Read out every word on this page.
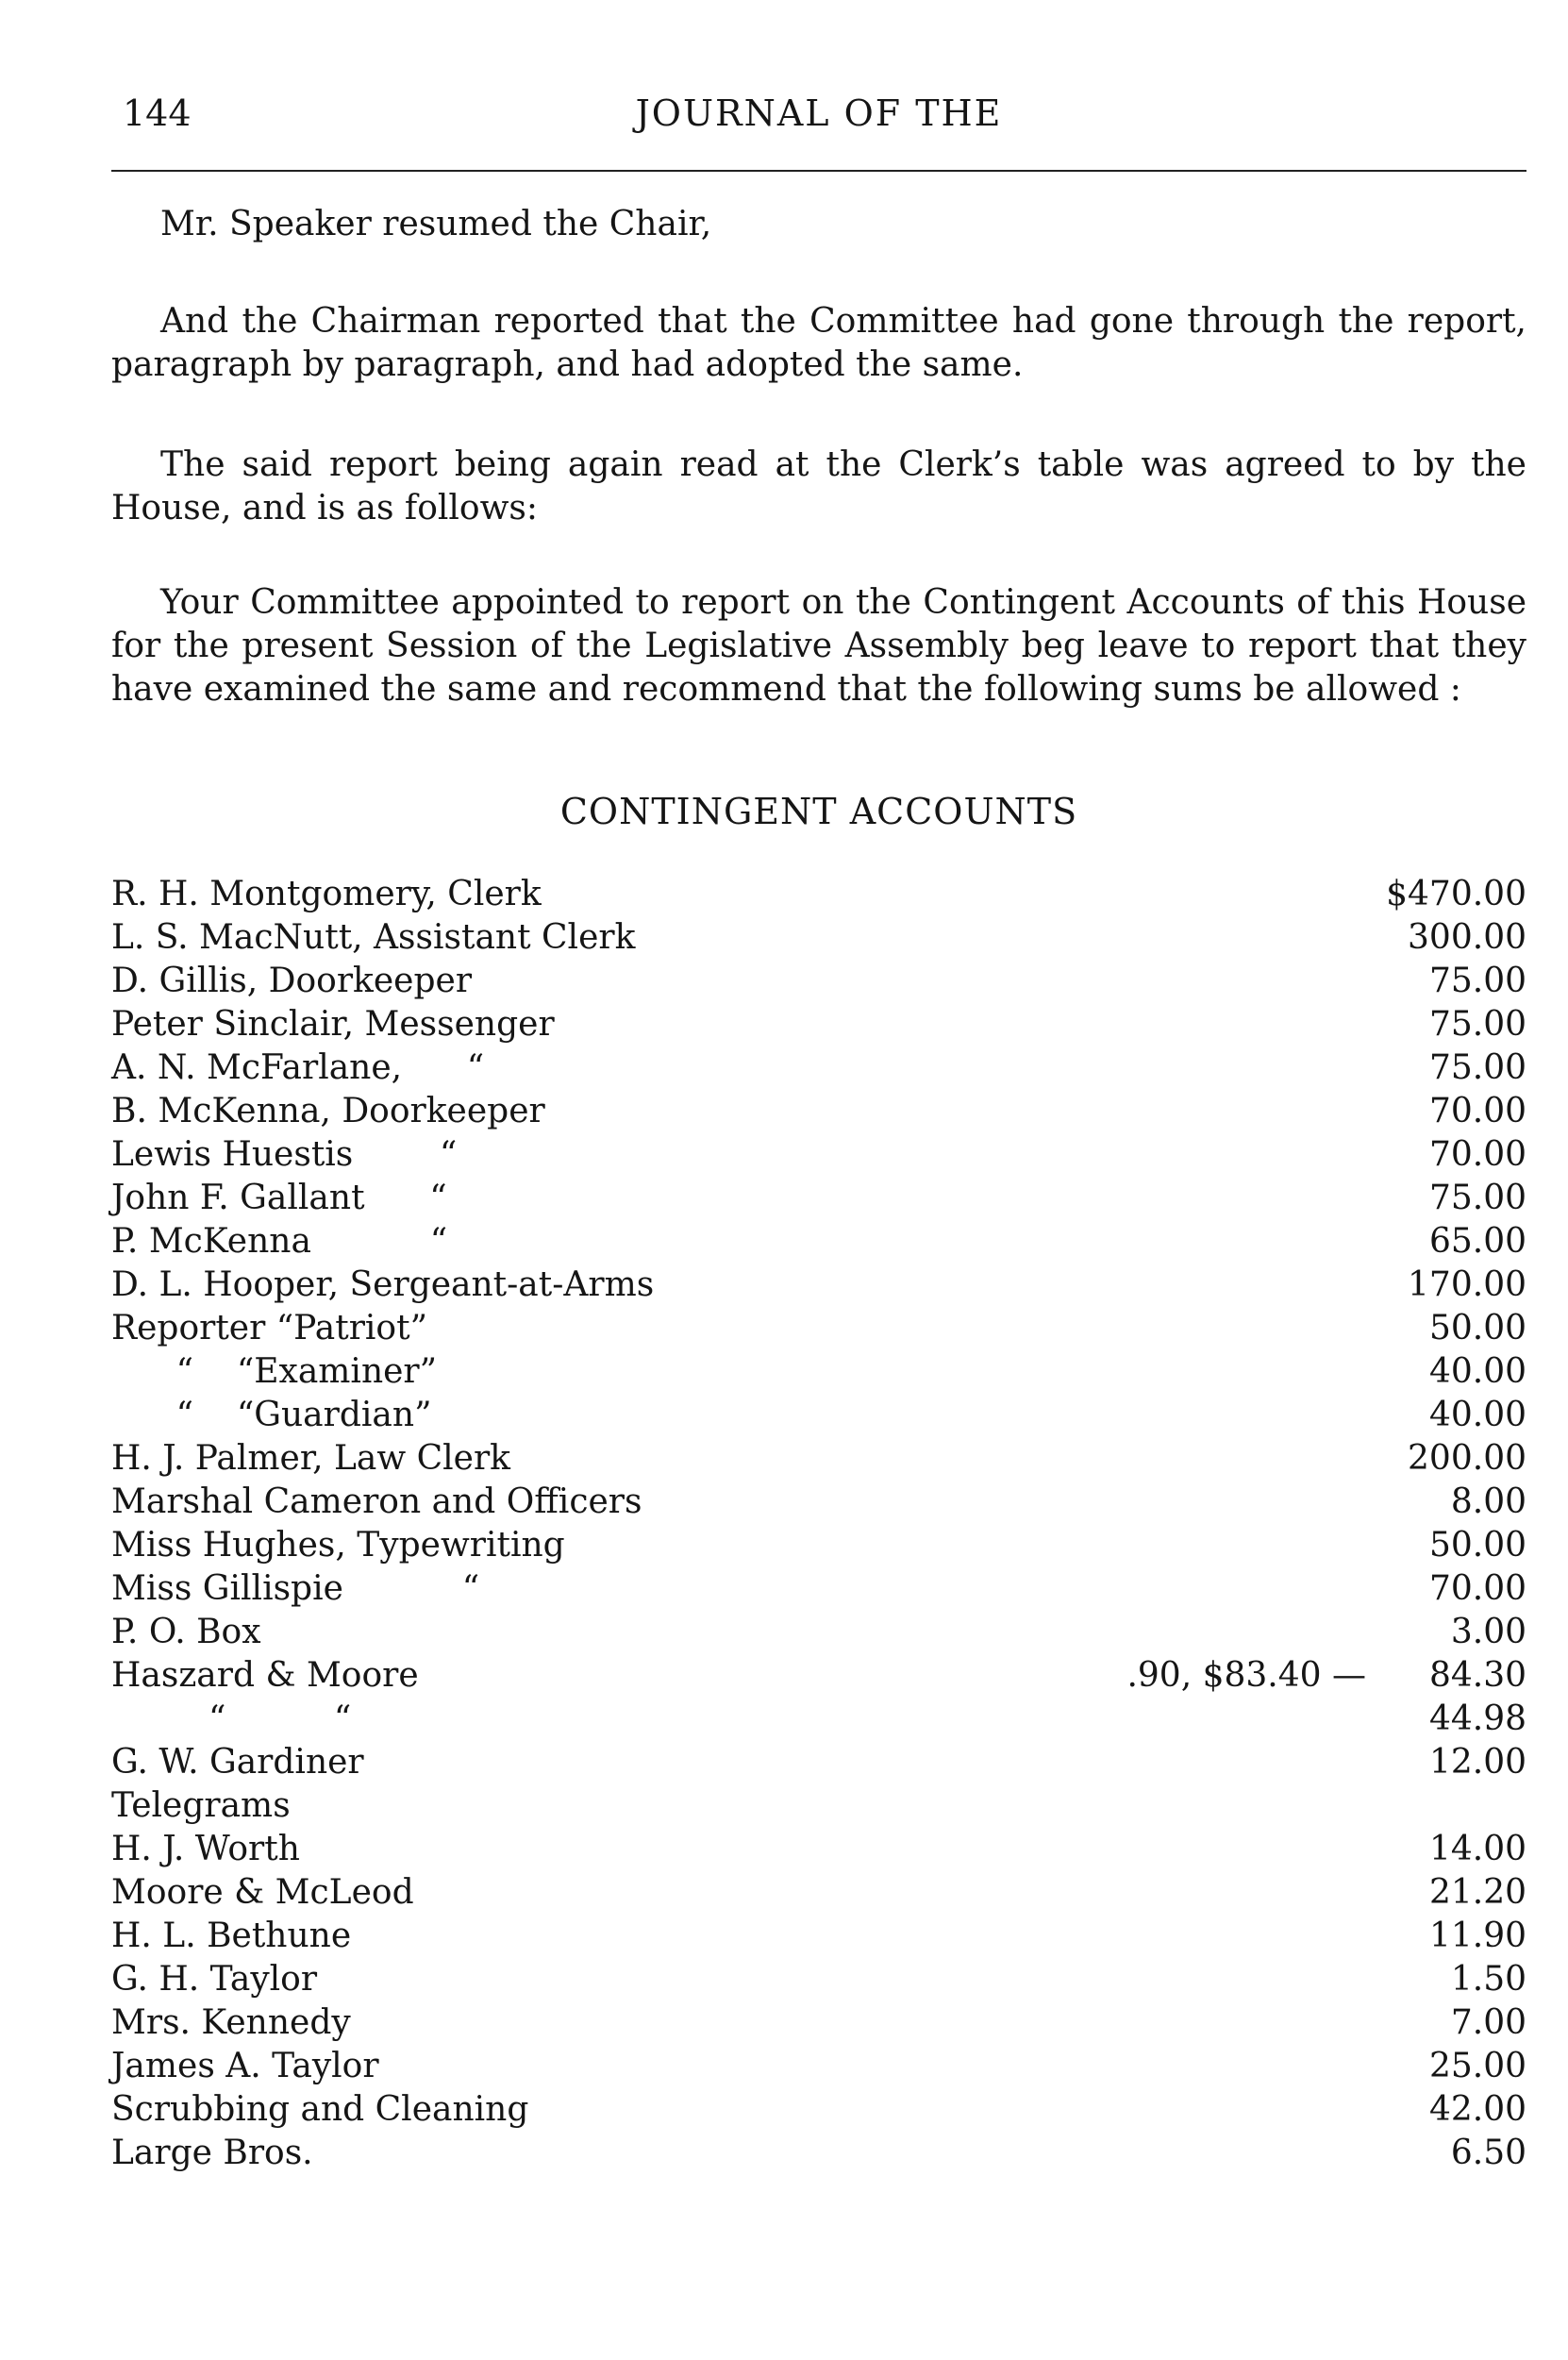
144	JOURNAL OF THE

Mr. Speaker resumed the Chair,

And the Chairman reported that the Committee had gone through the report, paragraph by paragraph, and had adopted the same.

The said report being again read at the Clerk’s table was agreed to by the House, and is as follows:

Your Committee appointed to report on the Contingent Accounts of this House for the present Session of the Legislative Assembly beg leave to report that they have examined the same and recommend that the following sums be allowed :

CONTINGENT ACCOUNTS
R. H. Montgomery, Clerk	$470.00
L. S. MacNutt, Assistant Clerk	300.00
D. Gillis, Doorkeeper	75.00
Peter Sinclair, Messenger	75.00
A. N. McFarlane,      “	75.00
B. McKenna, Doorkeeper	70.00
Lewis Huestis        “	70.00
John F. Gallant      “	75.00
P. McKenna           “	65.00
D. L. Hooper, Sergeant-at-Arms	170.00
Reporter “Patriot”	50.00
“    “Examiner”	40.00
“    “Guardian”	40.00
H. J. Palmer, Law Clerk	200.00
Marshal Cameron and Officers	8.00
Miss Hughes, Typewriting	50.00
Miss Gillispie           “	70.00
P. O. Box	3.00
Haszard & Moore	.90, $83.40 — 84.30
“          “	44.98
G. W. Gardiner	12.00
Telegrams
H. J. Worth	14.00
Moore & McLeod	21.20
H. L. Bethune	11.90
G. H. Taylor	1.50
Mrs. Kennedy	7.00
James A. Taylor	25.00
Scrubbing and Cleaning	42.00
Large Bros.	6.50
